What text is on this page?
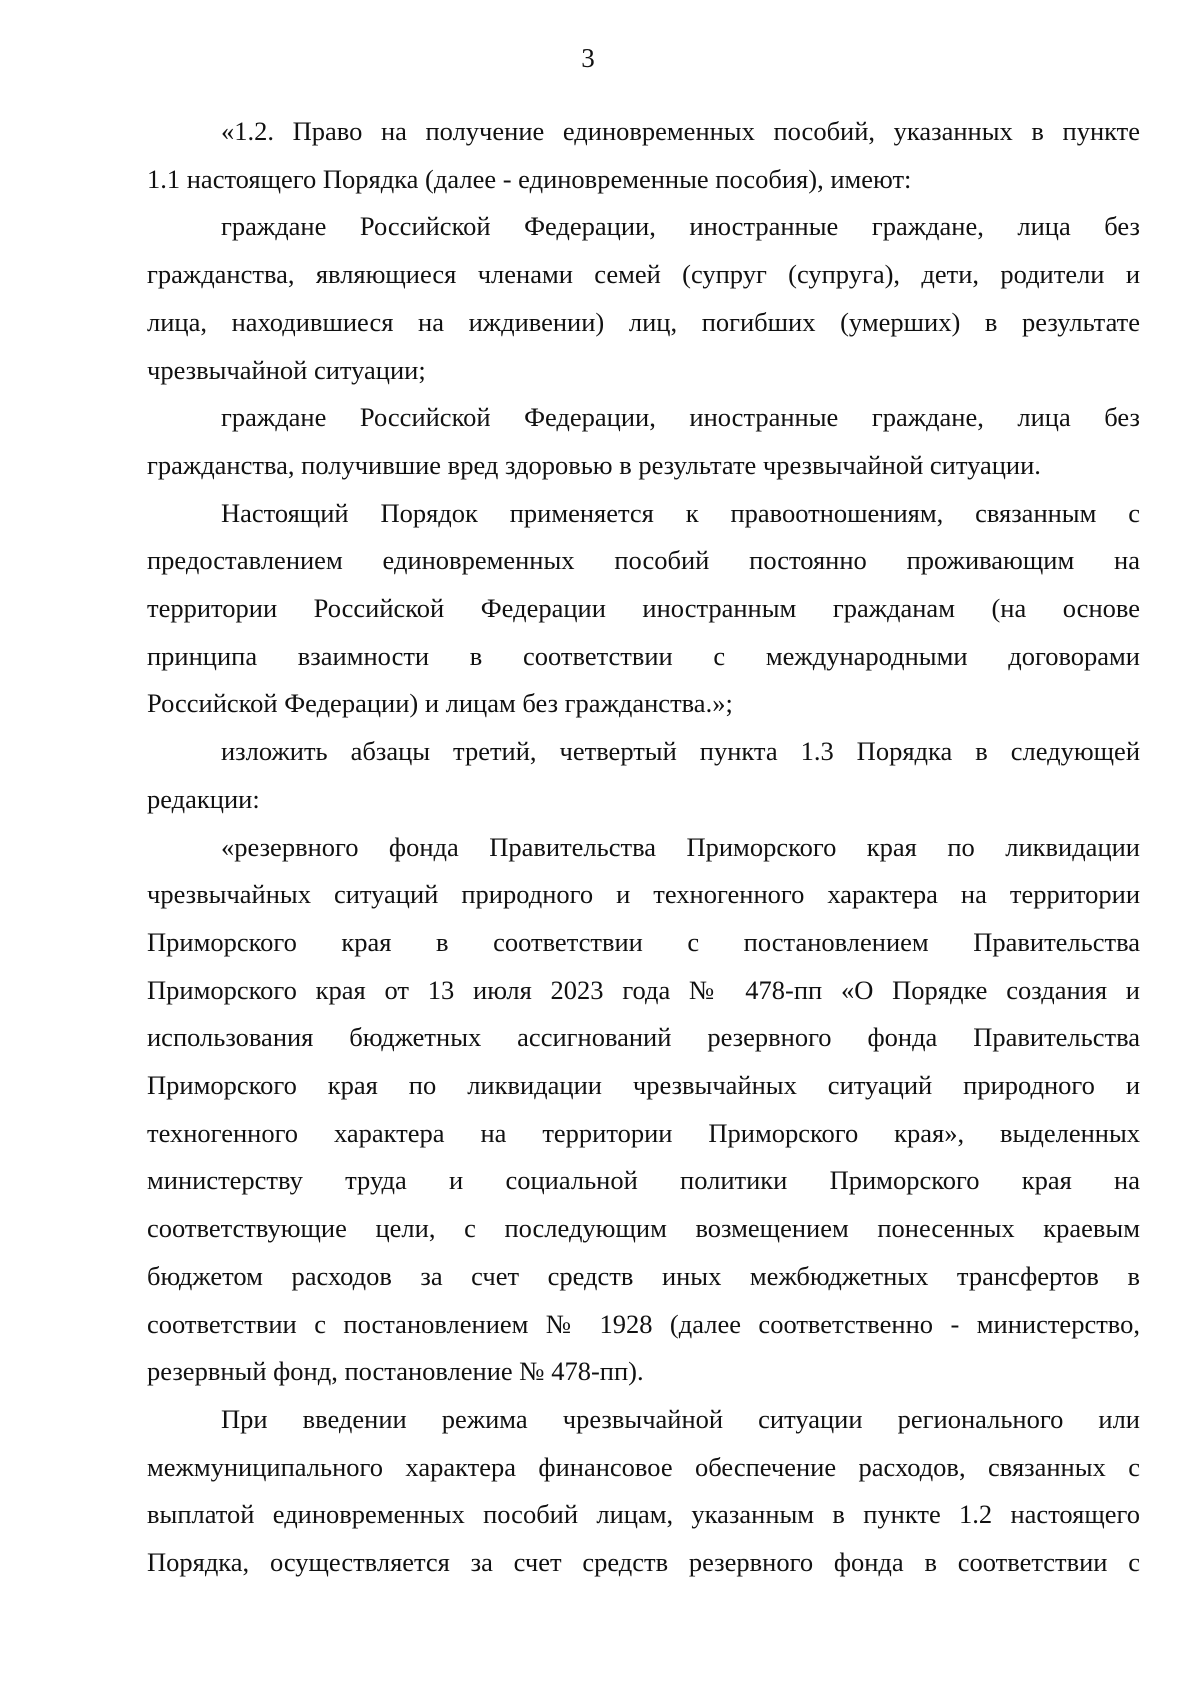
3
«1.2. Право на получение единовременных пособий, указанных в пункте
1.1 настоящего Порядка (далее - единовременные пособия), имеют:
граждане Российской Федерации, иностранные граждане, лица без
гражданства, являющиеся членами семей (супруг (супруга), дети, родители и
лица, находившиеся на иждивении) лиц, погибших (умерших) в результате
чрезвычайной ситуации;
граждане Российской Федерации, иностранные граждане, лица без
гражданства, получившие вред здоровью в результате чрезвычайной ситуации.
Настоящий Порядок применяется к правоотношениям, связанным с
предоставлением единовременных пособий постоянно проживающим на
территории Российской Федерации иностранным гражданам (на основе
принципа взаимности в соответствии с международными договорами
Российской Федерации) и лицам без гражданства.»;
изложить абзацы третий, четвертый пункта 1.3 Порядка в следующей
редакции:
«резервного фонда Правительства Приморского края по ликвидации
чрезвычайных ситуаций природного и техногенного характера на территории
Приморского края в соответствии с постановлением Правительства
Приморского края от 13 июля 2023 года № 478-пп «О Порядке создания и
использования бюджетных ассигнований резервного фонда Правительства
Приморского края по ликвидации чрезвычайных ситуаций природного и
техногенного характера на территории Приморского края», выделенных
министерству труда и социальной политики Приморского края на
соответствующие цели, с последующим возмещением понесенных краевым
бюджетом расходов за счет средств иных межбюджетных трансфертов в
соответствии с постановлением № 1928 (далее соответственно - министерство,
резервный фонд, постановление № 478-пп).
При введении режима чрезвычайной ситуации регионального или
межмуниципального характера финансовое обеспечение расходов, связанных с
выплатой единовременных пособий лицам, указанным в пункте 1.2 настоящего
Порядка, осуществляется за счет средств резервного фонда в соответствии с
